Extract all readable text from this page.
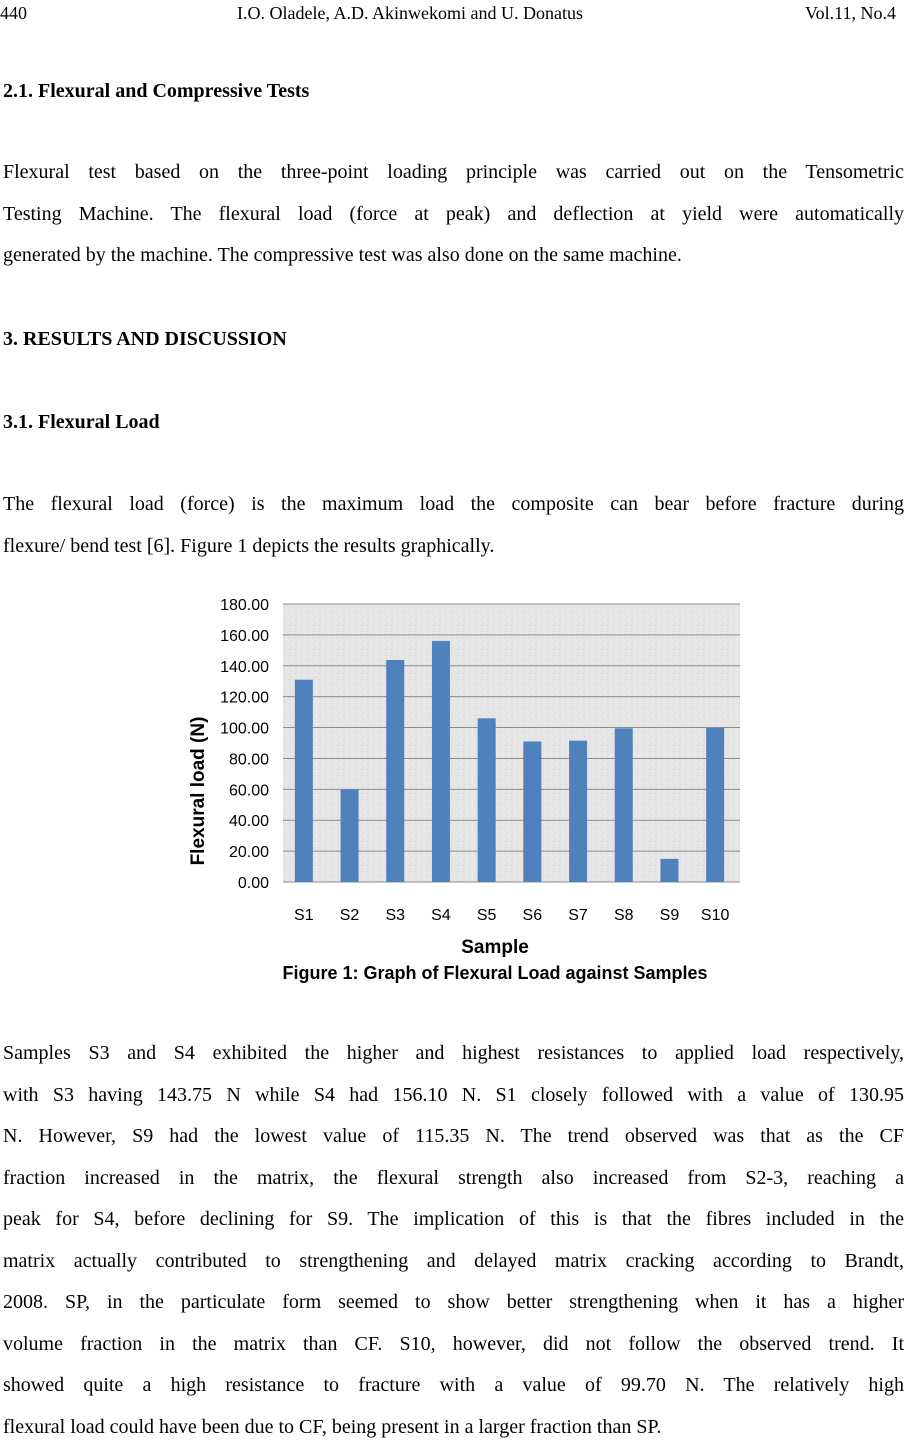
440	I.O. Oladele, A.D. Akinwekomi and U. Donatus	Vol.11, No.4
2.1. Flexural and Compressive Tests
Flexural test based on the three-point loading principle was carried out on the Tensometric
Testing Machine. The flexural load (force at peak) and deflection at yield were automatically
generated by the machine. The compressive test was also done on the same machine.
3. RESULTS AND DISCUSSION
3.1. Flexural Load
The flexural load (force) is the maximum load the composite can bear before fracture during
flexure/ bend test [6]. Figure 1 depicts the results graphically.
0.00
20.00
40.00
60.00
80.00
100.00
120.00
140.00
160.00
180.00
S1 S2 S3 S4 S5 S6 S7 S8 S9 S10
Flexural load (N)
Sample
Figure 1: Graph of Flexural Load against Samples
Samples S3 and S4 exhibited the higher and highest resistances to applied load respectively,
with S3 having 143.75 N while S4 had 156.10 N. S1 closely followed with a value of 130.95
N. However, S9 had the lowest value of 115.35 N. The trend observed was that as the CF
fraction increased in the matrix, the flexural strength also increased from S2-3, reaching a
peak for S4, before declining for S9. The implication of this is that the fibres included in the
matrix actually contributed to strengthening and delayed matrix cracking according to Brandt,
2008. SP, in the particulate form seemed to show better strengthening when it has a higher
volume fraction in the matrix than CF. S10, however, did not follow the observed trend. It
showed quite a high resistance to fracture with a value of 99.70 N. The relatively high
flexural load could have been due to CF, being present in a larger fraction than SP.
